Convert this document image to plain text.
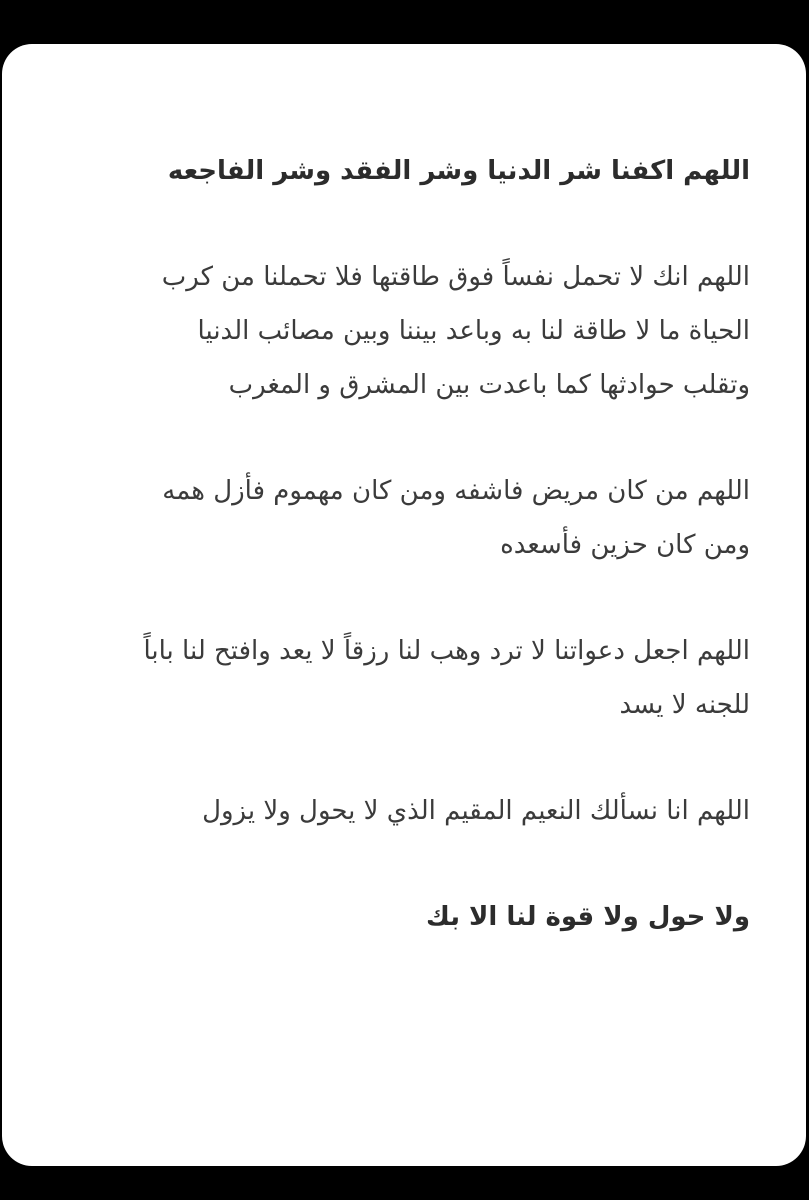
اللهم اكفنا شر الدنيا وشر الفقد وشر الفاجعه

اللهم انك لا تحمل نفساً فوق طاقتها فلا تحملنا من كرب
الحياة ما لا طاقة لنا به وباعد بيننا وبين مصائب الدنيا
وتقلب حوادثها كما باعدت بين المشرق و المغرب

اللهم من كان مريض فاشفه ومن كان مهموم فأزل همه
ومن كان حزين فأسعده

اللهم اجعل دعواتنا لا ترد وهب لنا رزقاً لا يعد وافتح لنا باباً
للجنه لا يسد

اللهم انا نسألك النعيم المقيم الذي لا يحول ولا يزول

ولا حول ولا قوة لنا الا بك
